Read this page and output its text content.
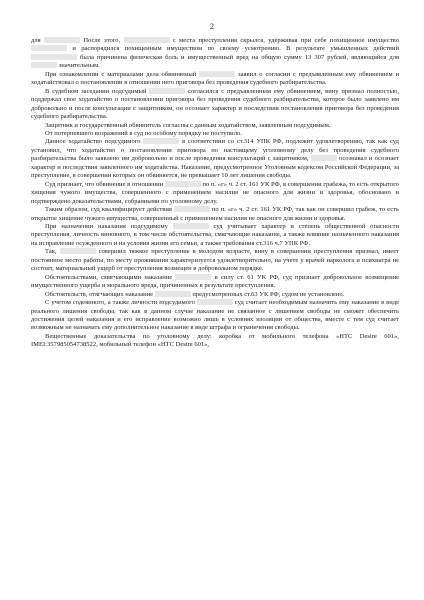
2

для	После этого,	с места преступления скрылся, удерживая при себе похищенное имущество  и распорядился похищенным имуществом по своему усмотрению. В результате умышленных действий  была причинена физическая боль и имущественный вред на общую сумму 13 307 рублей, являющийся для  значительным.

При ознакомлении с материалами дела обвиняемый	заявил о согласии с предъявленным ему обвинением и ходатайствовал о постановлении в отношении него приговора без проведения судебного разбирательства.

В судебном заседании подсудимый	согласился с предъявленным ему обвинением, вину признал полностью, поддержал свое ходатайство о постановлении приговора без проведения судебного разбирательства, которое было заявлено им добровольно и после консультации с защитником, он осознает характер и последствия постановления приговора без проведения судебного разбирательства.

Защитник и государственный обвинитель согласны с данным ходатайством, заявленным подсудимым.

От потерпевшего возражений в суд по особому порядку не поступило.

Данное ходатайство подсудимого	в соответствии со ст.314 УПК РФ, подлежит удовлетворению, так как суд установил, что ходатайство о постановлении приговора по настоящему уголовному делу без проведения судебного разбирательства было заявлено им добровольно и после проведения консультаций с защитником,	осознавал и осознает характер и последствия заявленного им ходатайства. Наказание, предусмотренное Уголовным кодексом Российской Федерации, за преступление, в совершении которых он обвиняется, не превышает 10 лет лишения свободы.

Суд признает, что обвинение в отношении	по п. «г» ч. 2 ст. 161 УК РФ, в совершении грабежа, то есть открытого хищения чужого имущества, совершенного с применением насилия не опасного для жизни и здоровья, обосновано и подтверждено доказательствами, собранными по уголовному делу.

Таким образом, суд квалифицирует действия	по п. «г» ч. 2 ст. 161 УК РФ, так как он совершил грабеж, то есть открытое хищение чужого имущества, совершенный с применением насилия не опасного для жизни и здоровья.

При назначении наказания подсудимому	суд учитывает характер и степень общественной опасности преступления, личность виновного, в том числе обстоятельства, смягчающие наказание, а также влияние назначенного наказания на исправление осужденного и на условия жизни его семьи, а также требования ст.316 ч.7 УПК РФ.

Так,	совершил тяжкое преступление в молодом возрасте, вину в совершении преступления признал, имеет постоянное место работы, по месту проживания характеризуется удовлетворительно, на учете у врачей нарколога и психиатра не состоит, материальный ущерб от преступления возмещен в добровольном порядке.

Обстоятельствами, смягчающими наказание	в силу ст. 61 УК РФ, суд признает добровольное возмещение имущественного ущерба и морального вреда, причиненных в результате преступления.

Обстоятельств, отягчающих наказание	предусмотренных ст.63 УК РФ, судом не установлено.

С учетом содеянного, а также личности подсудимого	суд считает необходимым назначить ему наказание в виде реального лишения свободы, так как в данном случае наказание не связанное с лишением свободы не сможет обеспечить достижения целей наказания и его исправление возможно лишь в условиях изоляции от общества, вместе с тем суд считает возможным не назначать ему дополнительное наказание в виде штрафа и ограничения свободы.

Вещественные доказательства по уголовному делу: коробка от мобильного телефона «HTC Desire 601», IMEI:357985054738522, мобильный телефон «HTC Desire 601»,
